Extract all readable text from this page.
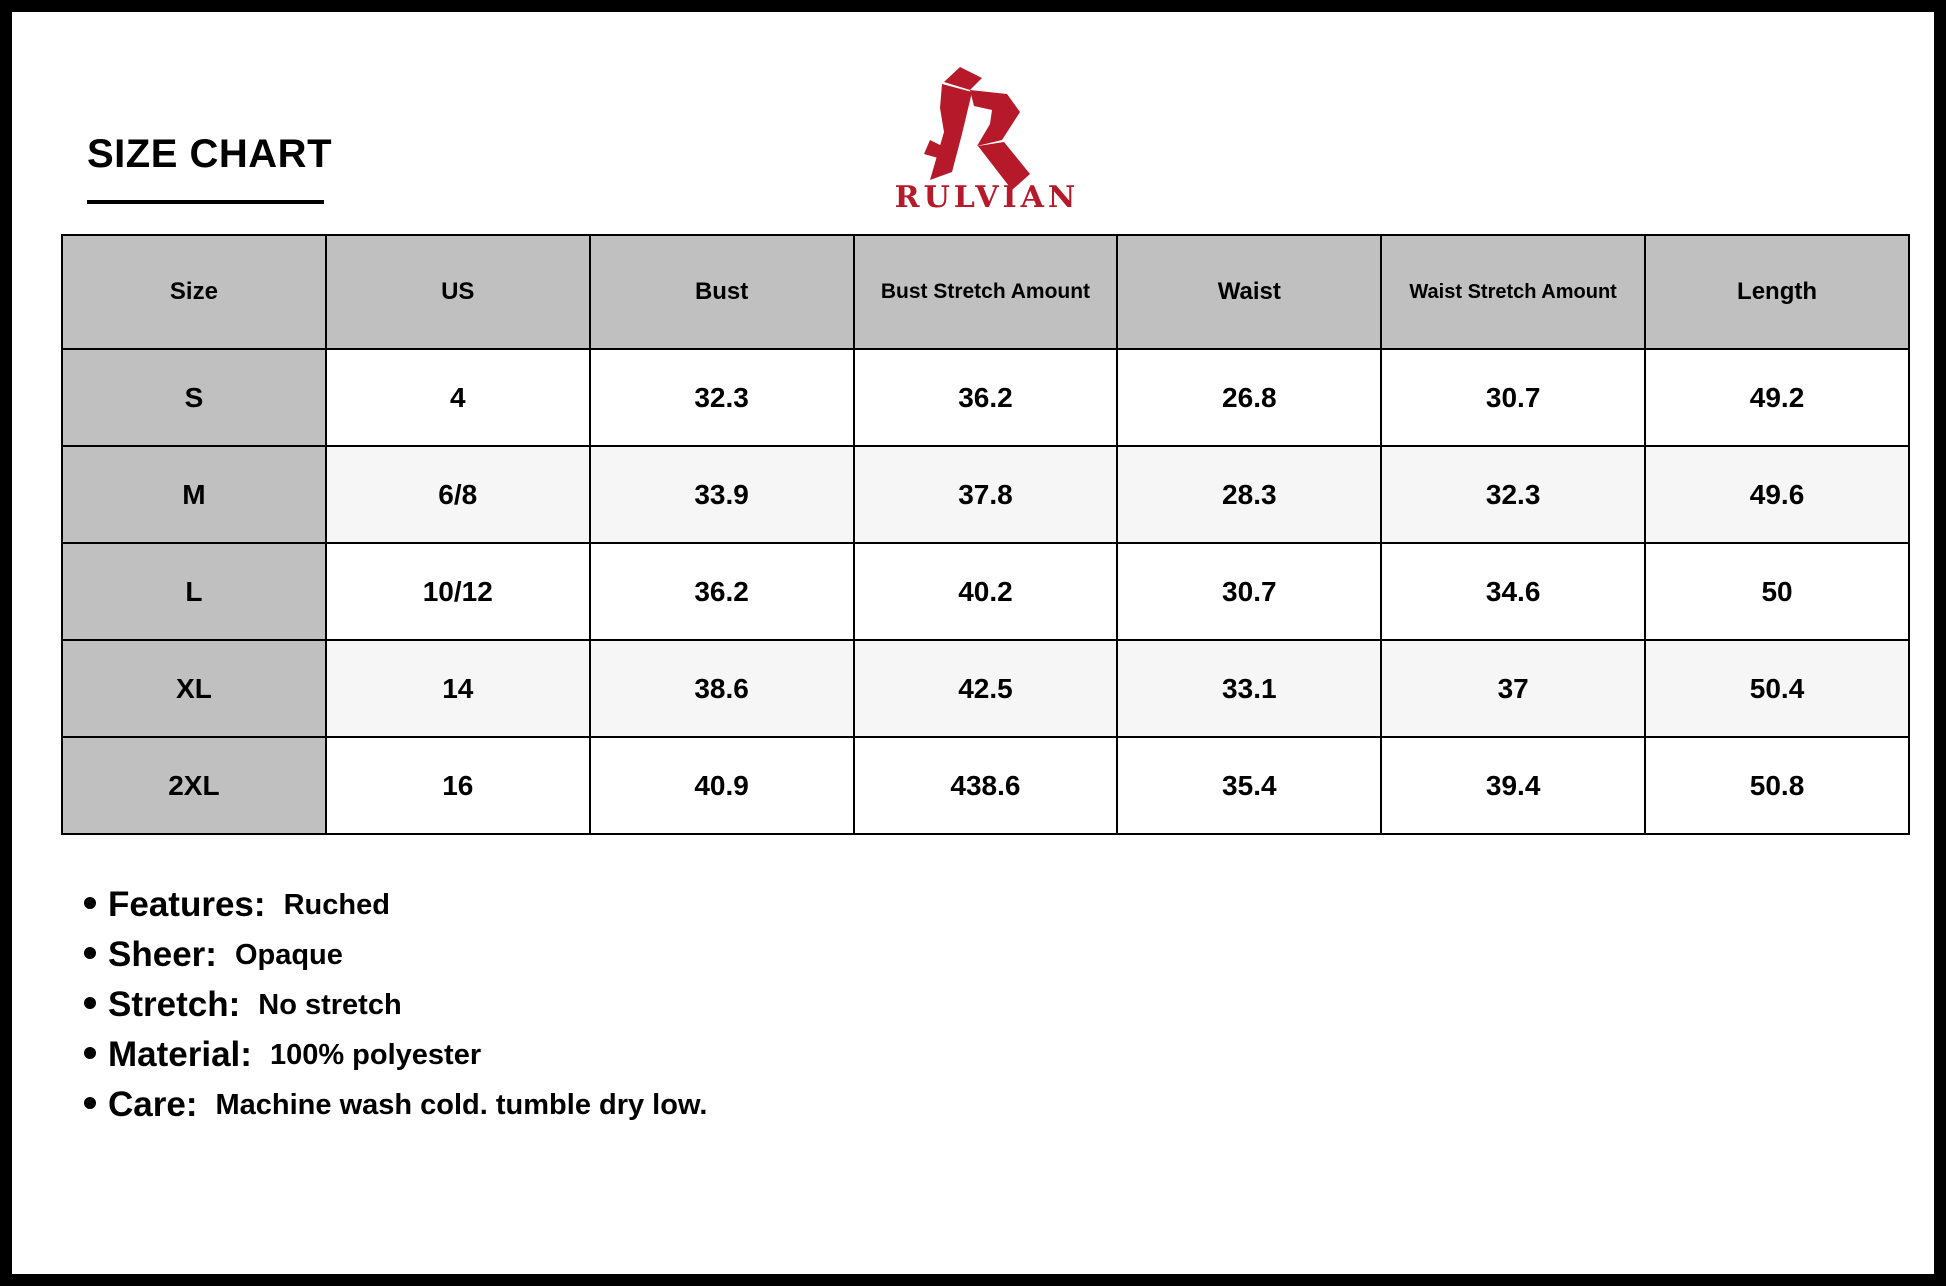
SIZE CHART
RULVIAN
Size	US	Bust	Bust Stretch Amount	Waist	Waist Stretch Amount	Length
S	4	32.3	36.2	26.8	30.7	49.2
M	6/8	33.9	37.8	28.3	32.3	49.6
L	10/12	36.2	40.2	30.7	34.6	50
XL	14	38.6	42.5	33.1	37	50.4
2XL	16	40.9	438.6	35.4	39.4	50.8
Features: Ruched
Sheer: Opaque
Stretch: No stretch
Material: 100% polyester
Care: Machine wash cold. tumble dry low.
